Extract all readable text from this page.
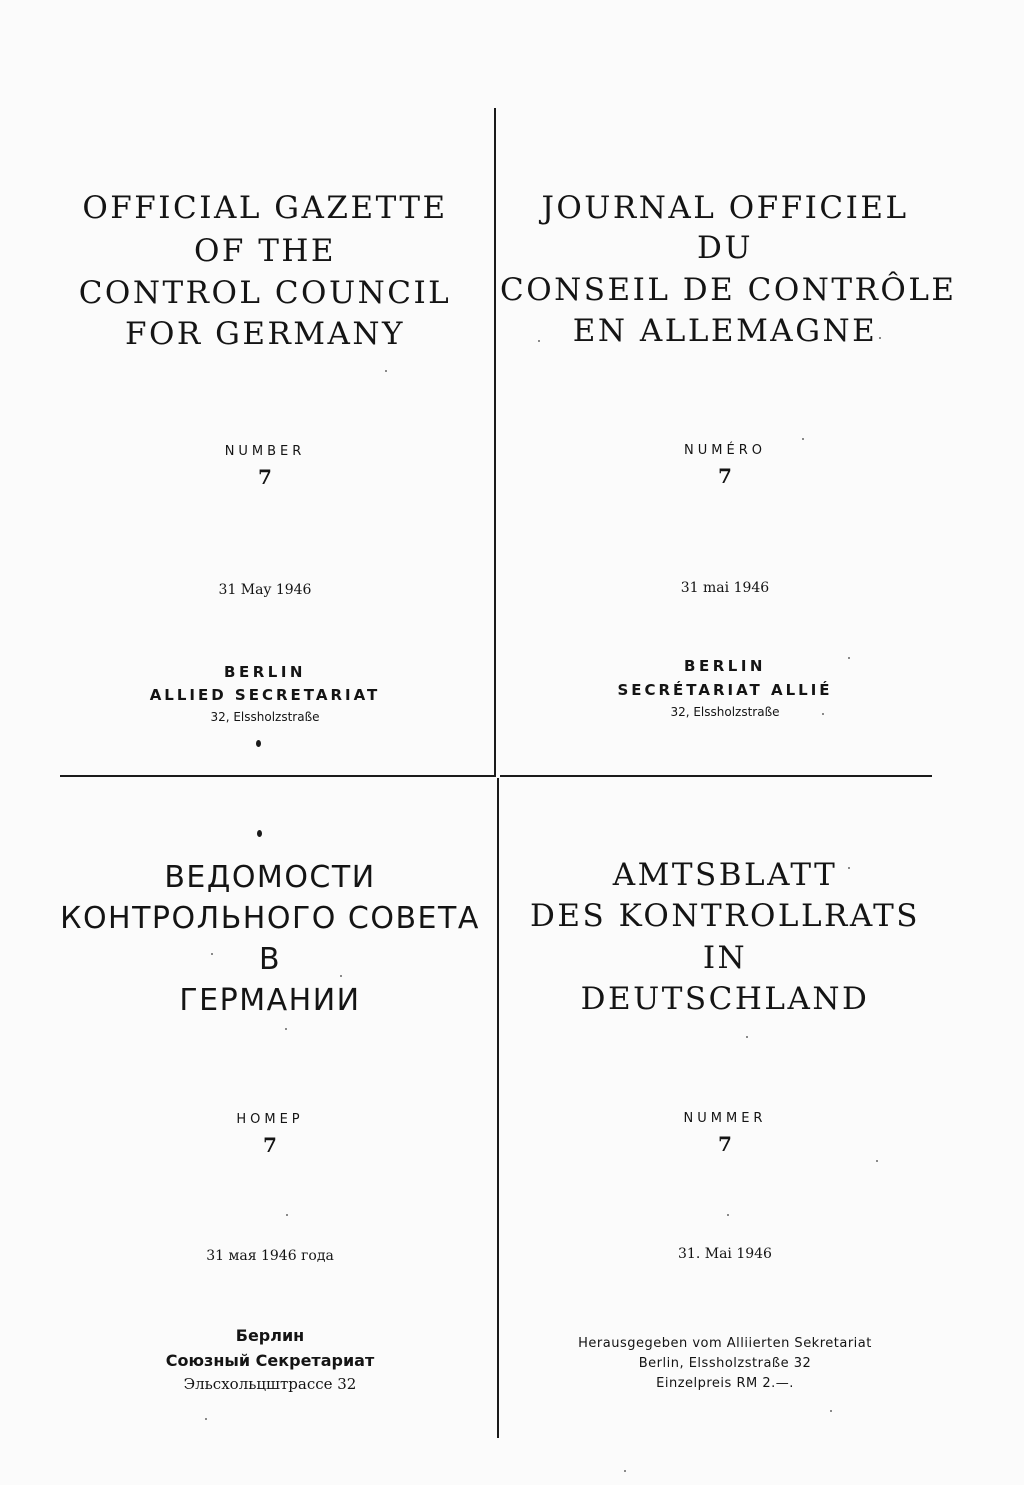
OFFICIAL GAZETTE
OF THE
CONTROL COUNCIL
FOR GERMANY
NUMBER
7
31 May 1946
BERLIN
ALLIED SECRETARIAT
32, Elssholzstraße
JOURNAL OFFICIEL
DU
CONSEIL DE CONTRÔLE
EN ALLEMAGNE
NUMÉRO
7
31 mai 1946
BERLIN
SECRÉTARIAT ALLIÉ
32, Elssholzstraße
ВЕДОМОСТИ
КОНТРОЛЬНОГО СОВЕТА
В
ГЕРМАНИИ
НОМЕР
7
31 мая 1946 года
Берлин
Союзный Секретариат
Эльсхольцштрассе 32
AMTSBLATT
DES KONTROLLRATS
IN
DEUTSCHLAND
NUMMER
7
31. Mai 1946
Herausgegeben vom Alliierten Sekretariat
Berlin, Elssholzstraße 32
Einzelpreis RM 2.—.
